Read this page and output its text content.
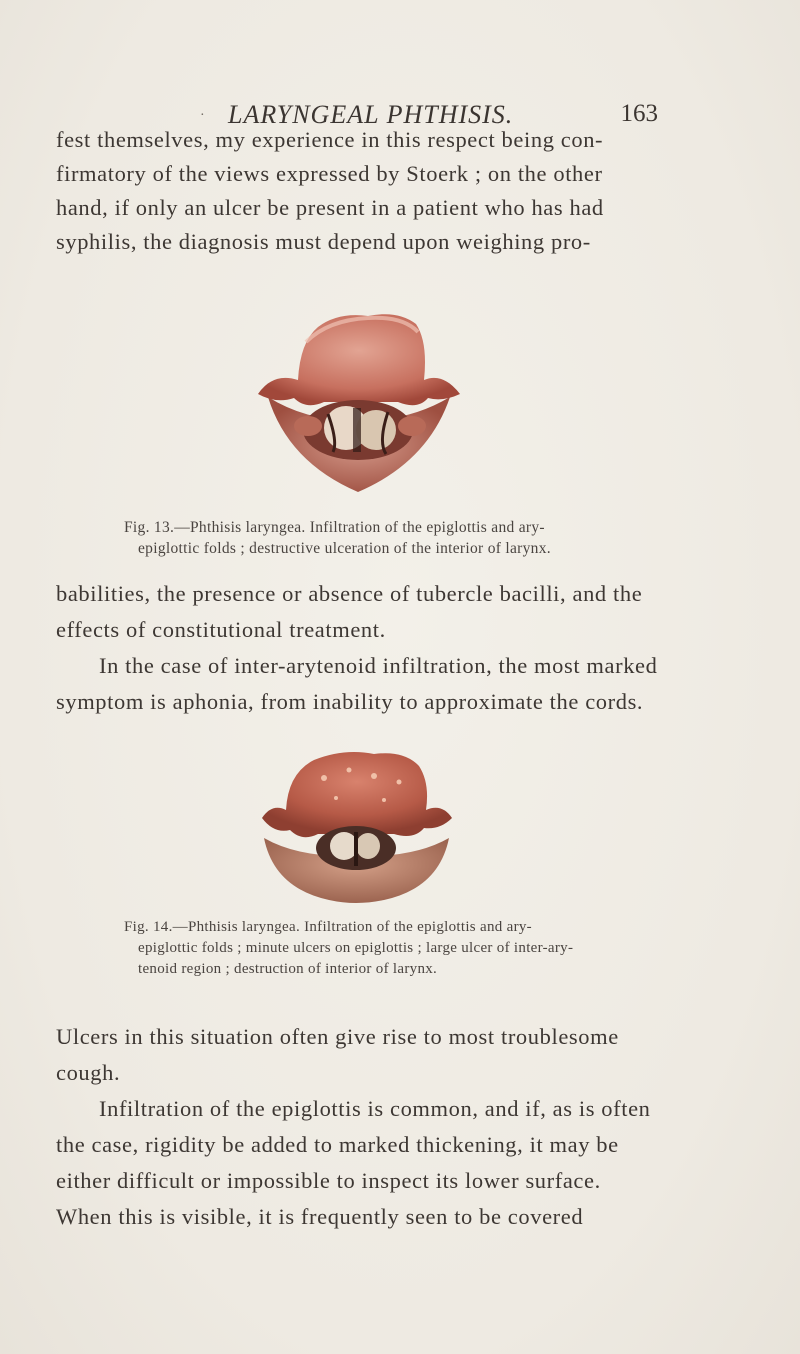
· LARYNGEAL PHTHISIS.	163

fest themselves, my experience in this respect being con-

firmatory of the views expressed by Stoerk ; on the other

hand, if only an ulcer be present in a patient who has had

syphilis, the diagnosis must depend upon weighing pro-

Fig. 13.—Phthisis laryngea. Infiltration of the epiglottis and ary-
epiglottic folds ; destructive ulceration of the interior of larynx.

babilities, the presence or absence of tubercle bacilli, and the

effects of constitutional treatment.

In the case of inter-arytenoid infiltration, the most marked

symptom is aphonia, from inability to approximate the cords.

Fig. 14.—Phthisis laryngea. Infiltration of the epiglottis and ary-
epiglottic folds ; minute ulcers on epiglottis ; large ulcer of inter-ary-
tenoid region ; destruction of interior of larynx.

Ulcers in this situation often give rise to most troublesome

cough.

Infiltration of the epiglottis is common, and if, as is often

the case, rigidity be added to marked thickening, it may be

either difficult or impossible to inspect its lower surface.

When this is visible, it is frequently seen to be covered
